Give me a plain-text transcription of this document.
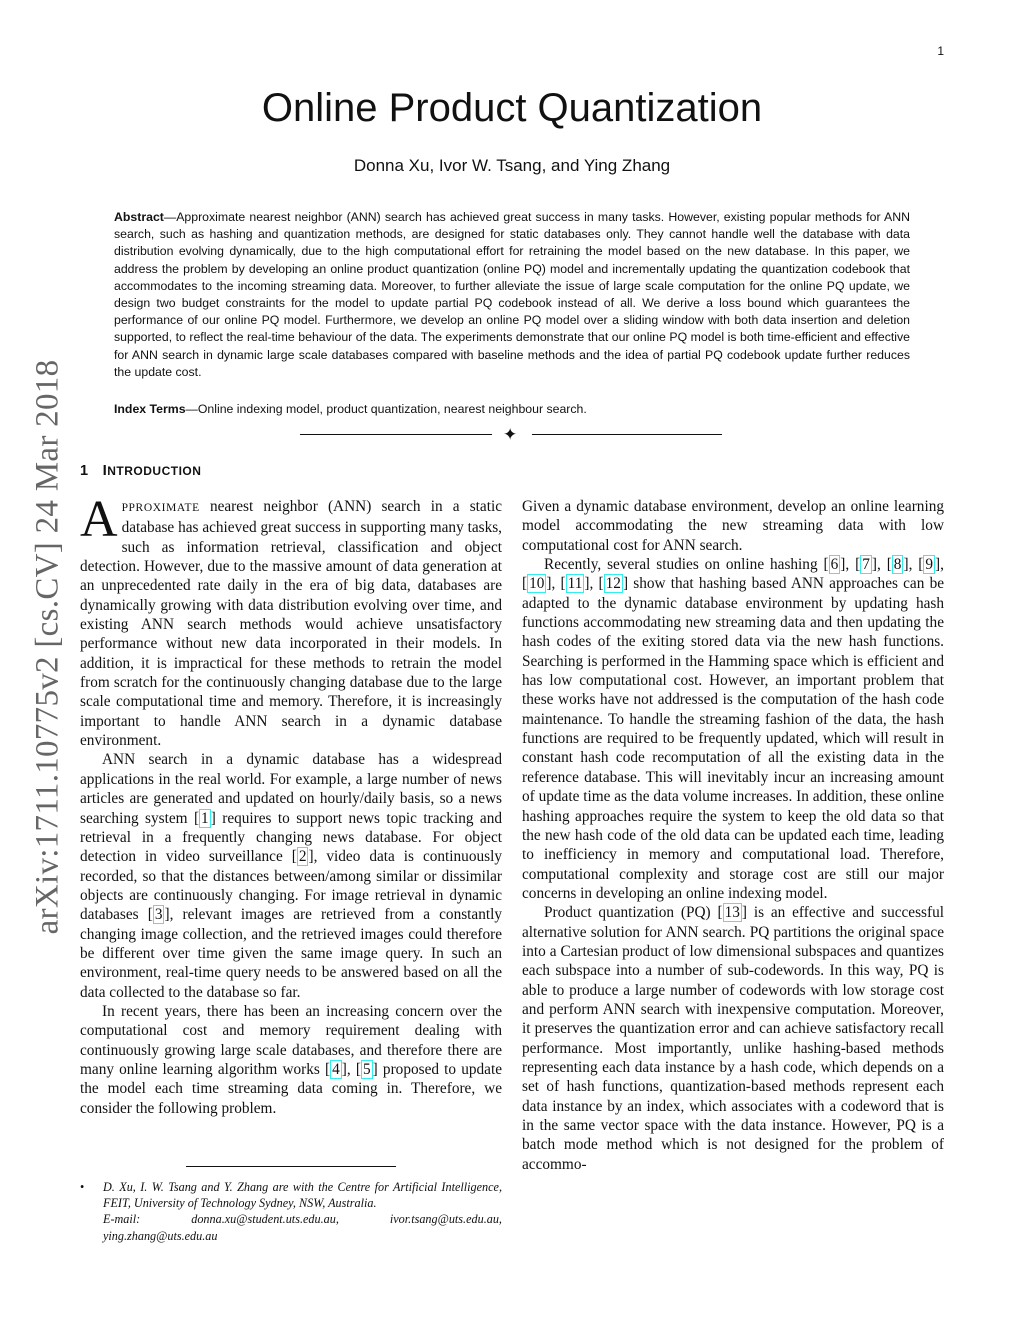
1
Online Product Quantization
Donna Xu, Ivor W. Tsang, and Ying Zhang

Abstract—Approximate nearest neighbor (ANN) search has achieved great success in many tasks. However, existing popular methods for ANN search, such as hashing and quantization methods, are designed for static databases only. They cannot handle well the database with data distribution evolving dynamically, due to the high computational effort for retraining the model based on the new database. In this paper, we address the problem by developing an online product quantization (online PQ) model and incrementally updating the quantization codebook that accommodates to the incoming streaming data. Moreover, to further alleviate the issue of large scale computation for the online PQ update, we design two budget constraints for the model to update partial PQ codebook instead of all. We derive a loss bound which guarantees the performance of our online PQ model. Furthermore, we develop an online PQ model over a sliding window with both data insertion and deletion supported, to reflect the real-time behaviour of the data. The experiments demonstrate that our online PQ model is both time-efficient and effective for ANN search in dynamic large scale databases compared with baseline methods and the idea of partial PQ codebook update further reduces the update cost.

Index Terms—Online indexing model, product quantization, nearest neighbour search.

✦
arXiv:1711.10775v2 [cs.CV] 24 Mar 2018 1 INTRODUCTION

APPROXIMATE nearest neighbor (ANN) search in a static database has achieved great success in supporting many tasks, such as information retrieval, classification and object detection. However, due to the massive amount of data generation at an unprecedented rate daily in the era of big data, databases are dynamically growing with data distribution evolving over time, and existing ANN search methods would achieve unsatisfactory performance without new data incorporated in their models. In addition, it is impractical for these methods to retrain the model from scratch for the continuously changing database due to the large scale computational time and memory. Therefore, it is increasingly important to handle ANN search in a dynamic database environment.

ANN search in a dynamic database has a widespread applications in the real world. For example, a large number of news articles are generated and updated on hourly/daily basis, so a news searching system [ 1 ] requires to support news topic tracking and retrieval in a frequently changing news database. For object detection in video surveillance [ 2 ], video data is continuously recorded, so that the distances between/among similar or dissimilar objects are continuously changing. For image retrieval in dynamic databases [ 3 ], relevant images are retrieved from a constantly changing image collection, and the retrieved images could therefore be different over time given the same image query. In such an environment, real-time query needs to be answered based on all the data collected to the database so far.

In recent years, there has been an increasing concern over the computational cost and memory requirement dealing with continuously growing large scale databases, and therefore there are many online learning algorithm works [ 4 ], [ 5 ] proposed to update the model each time streaming data coming in. Therefore, we consider the following problem.

Given a dynamic database environment, develop an online learning model accommodating the new streaming data with low computational cost for ANN search.

Recently, several studies on online hashing [ 6 ], [ 7 ], [ 8 ], [ 9 ], [ 10 ], [ 11 ], [ 12 ] show that hashing based ANN approaches can be adapted to the dynamic database environment by updating hash functions accommodating new streaming data and then updating the hash codes of the exiting stored data via the new hash functions. Searching is performed in the Hamming space which is efficient and has low computational cost. However, an important problem that these works have not addressed is the computation of the hash code maintenance. To handle the streaming fashion of the data, the hash functions are required to be frequently updated, which will result in constant hash code recomputation of all the existing data in the reference database. This will inevitably incur an increasing amount of update time as the data volume increases. In addition, these online hashing approaches require the system to keep the old data so that the new hash code of the old data can be updated each time, leading to inefficiency in memory and computational load. Therefore, computational complexity and storage cost are still our major concerns in developing an online indexing model.

Product quantization (PQ) [ 13 ] is an effective and successful alternative solution for ANN search. PQ partitions the original space into a Cartesian product of low dimensional subspaces and quantizes each subspace into a number of sub-codewords. In this way, PQ is able to produce a large number of codewords with low storage cost and perform ANN search with inexpensive computation. Moreover, it preserves the quantization error and can achieve satisfactory recall performance. Most importantly, unlike hashing-based methods representing each data instance by a hash code, which depends on a set of hash functions, quantization-based methods represent each data instance by an index, which associates with a codeword that is in the same vector space with the data instance. However, PQ is a batch mode method which is not designed for the problem of accommo-

• D. Xu, I. W. Tsang and Y. Zhang are with the Centre for Artificial Intelligence, FEIT, University of Technology Sydney, NSW, Australia.
E-mail:	donna.xu@student.uts.edu.au,	ivor.tsang@uts.edu.au,
ying.zhang@uts.edu.au
